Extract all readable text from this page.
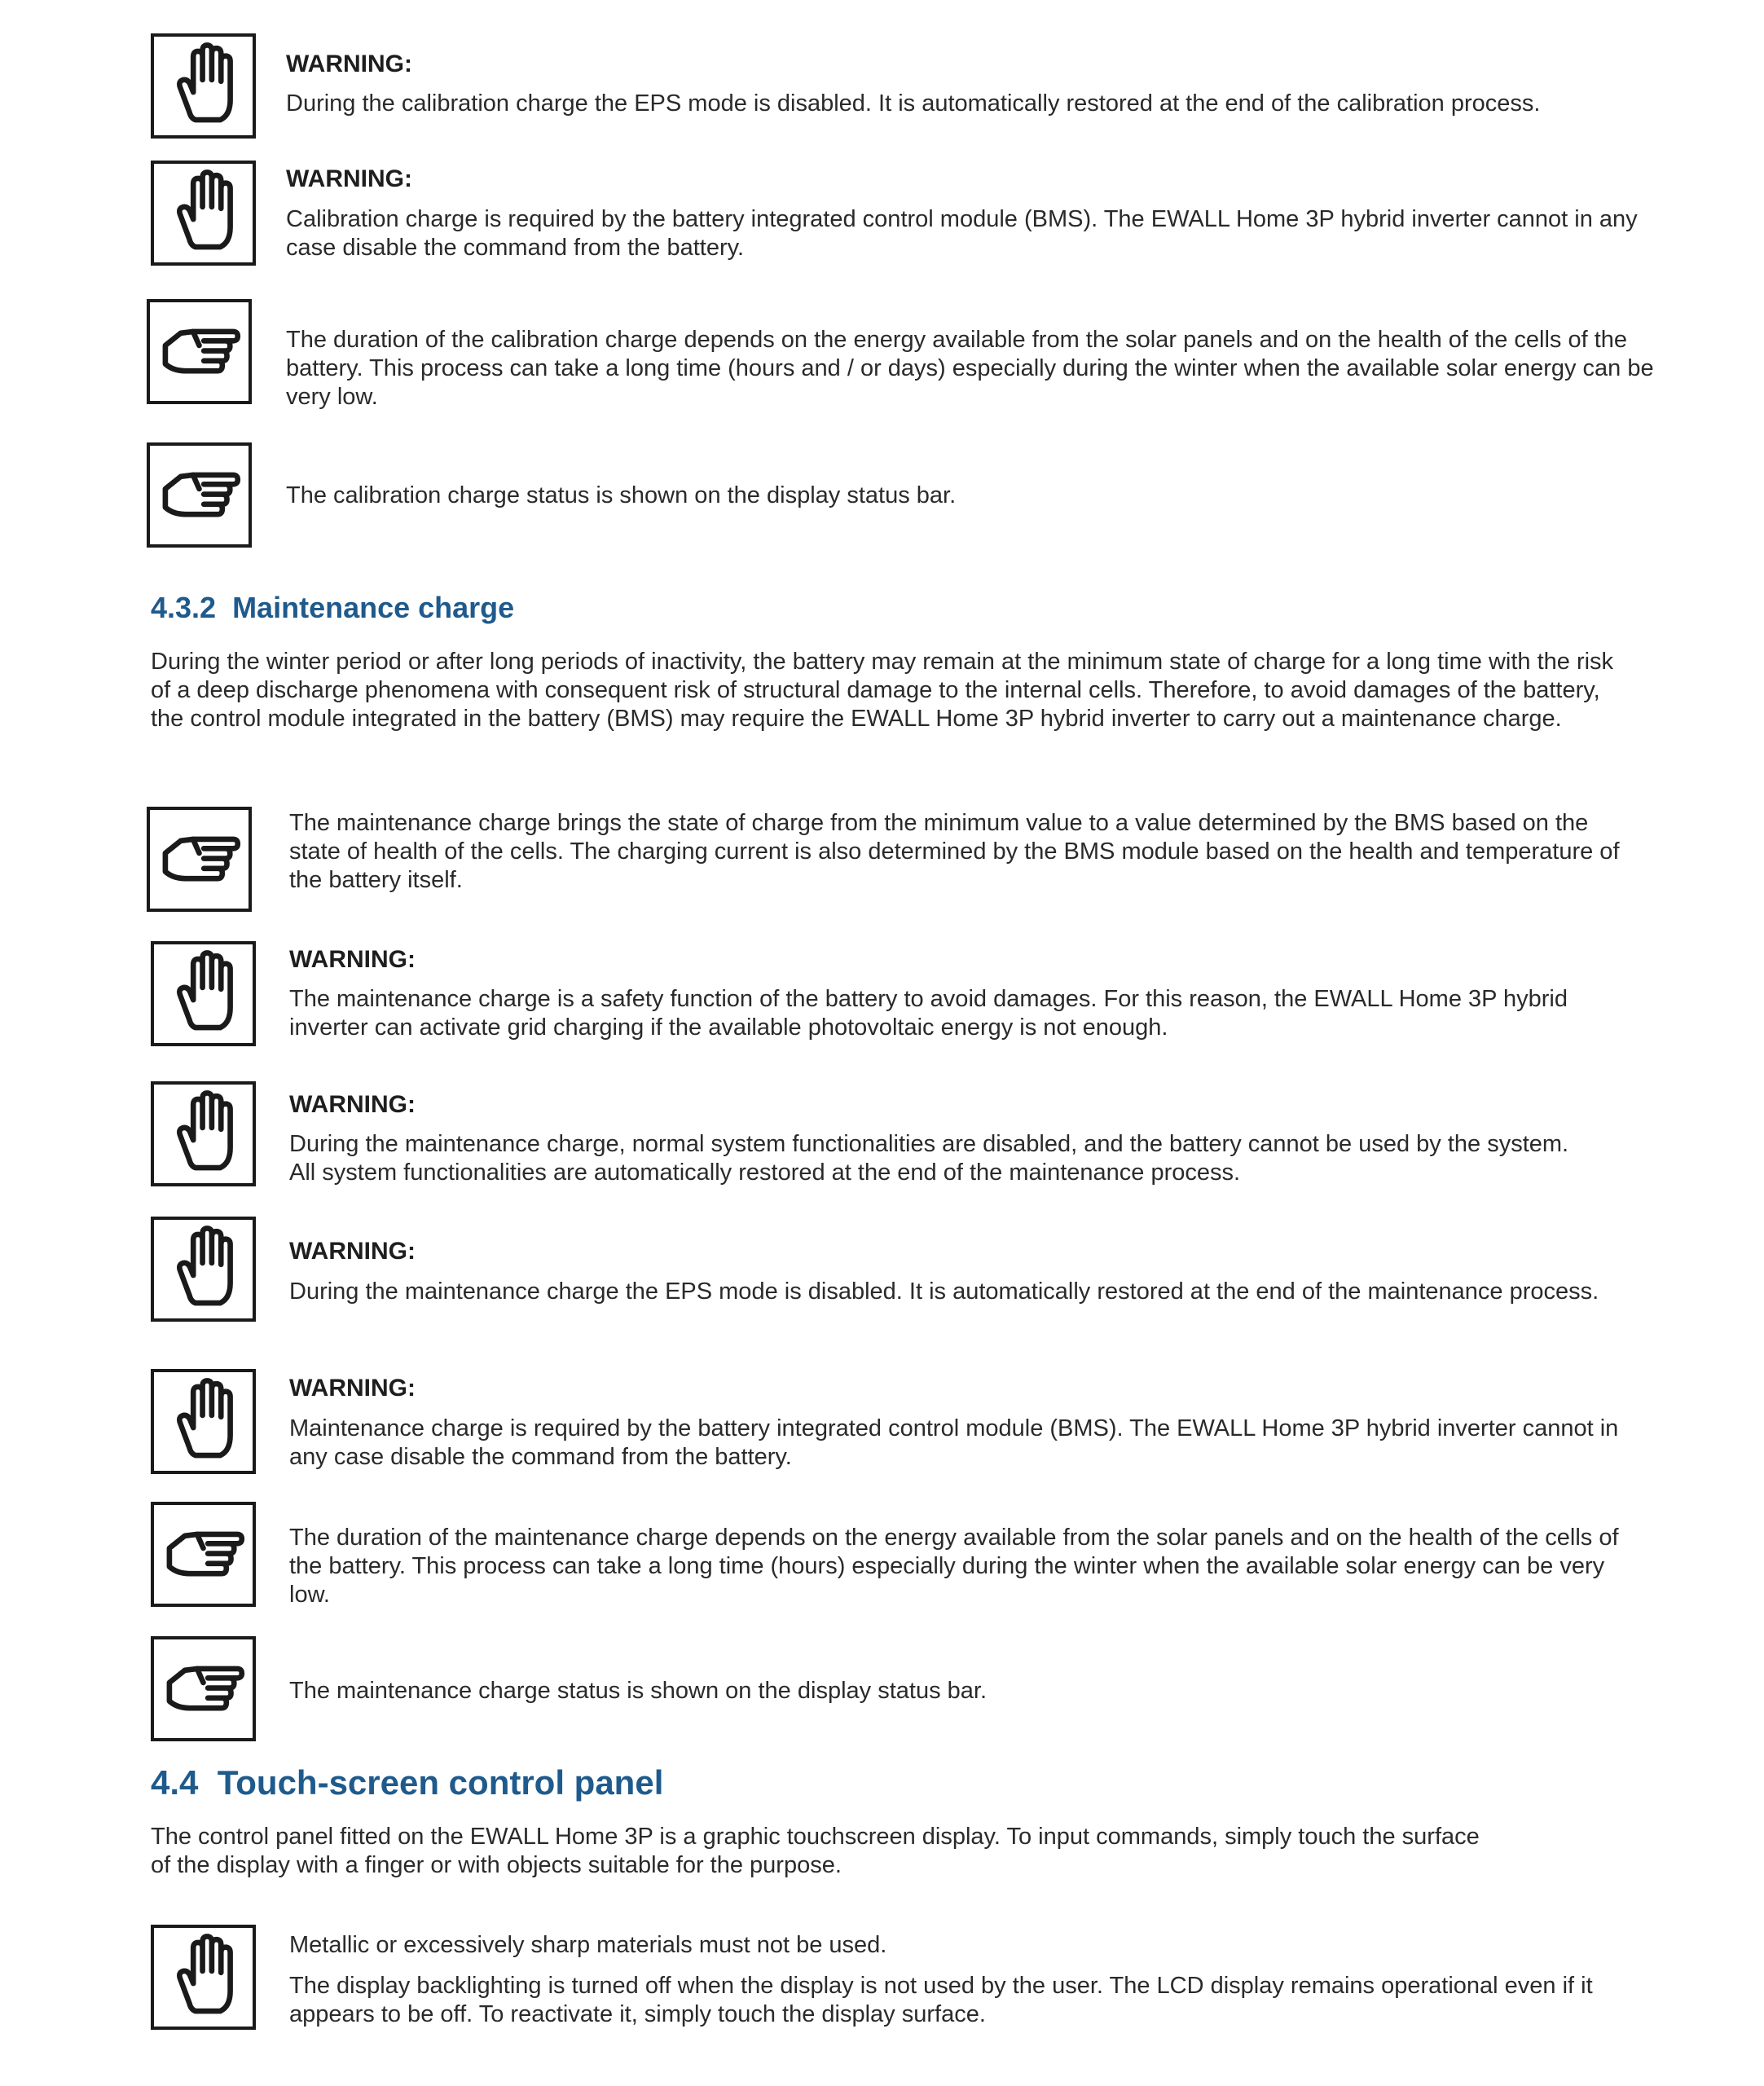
WARNING:

During the calibration charge the EPS mode is disabled. It is automatically restored at the end of the calibration process.

WARNING:

Calibration charge is required by the battery integrated control module (BMS). The EWALL Home 3P hybrid inverter cannot in any case disable the command from the battery.

The duration of the calibration charge depends on the energy available from the solar panels and on the health of the cells of the battery. This process can take a long time (hours and / or days) especially during the winter when the available solar energy can be very low.

The calibration charge status is shown on the display status bar.

4.3.2  Maintenance charge

During the winter period or after long periods of inactivity, the battery may remain at the minimum state of charge for a long time with the risk of a deep discharge phenomena with consequent risk of structural damage to the internal cells. Therefore, to avoid damages of the battery, the control module integrated in the battery (BMS) may require the EWALL Home 3P hybrid inverter to carry out a maintenance charge.

The maintenance charge brings the state of charge from the minimum value to a value determined by the BMS based on the state of health of the cells. The charging current is also determined by the BMS module based on the health and temperature of the battery itself.

WARNING:

The maintenance charge is a safety function of the battery to avoid damages. For this reason, the EWALL Home 3P hybrid inverter can activate grid charging if the available photovoltaic energy is not enough.

WARNING:

During the maintenance charge, normal system functionalities are disabled, and the battery cannot be used by the system.

All system functionalities are automatically restored at the end of the maintenance process.

WARNING:

During the maintenance charge the EPS mode is disabled. It is automatically restored at the end of the maintenance process.

WARNING:

Maintenance charge is required by the battery integrated control module (BMS). The EWALL Home 3P hybrid inverter cannot in any case disable the command from the battery.

The duration of the maintenance charge depends on the energy available from the solar panels and on the health of the cells of the battery. This process can take a long time (hours) especially during the winter when the available solar energy can be very low.

The maintenance charge status is shown on the display status bar.

4.4  Touch-screen control panel

The control panel fitted on the EWALL Home 3P is a graphic touchscreen display. To input commands, simply touch the surface of the display with a finger or with objects suitable for the purpose.

Metallic or excessively sharp materials must not be used.

The display backlighting is turned off when the display is not used by the user. The LCD display remains operational even if it appears to be off. To reactivate it, simply touch the display surface.
